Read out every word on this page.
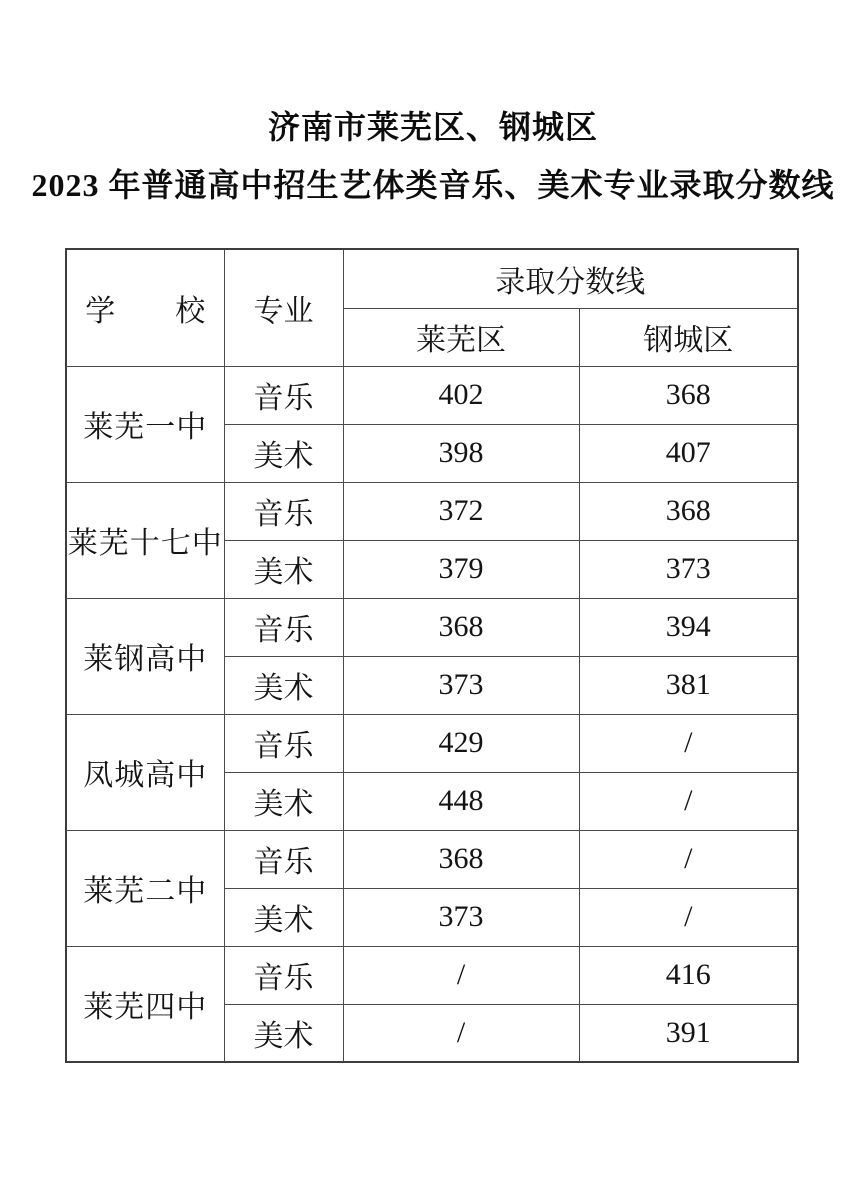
济南市莱芜区、钢城区
2023 年普通高中招生艺体类音乐、美术专业录取分数线
学　　校	专业	录取分数线	
		莱芜区	钢城区
莱芜一中	音乐	402	368
	美术	398	407
莱芜十七中	音乐	372	368
	美术	379	373
莱钢高中	音乐	368	394
	美术	373	381
凤城高中	音乐	429	/
	美术	448	/
莱芜二中	音乐	368	/
	美术	373	/
莱芜四中	音乐	/	416
	美术	/	391
